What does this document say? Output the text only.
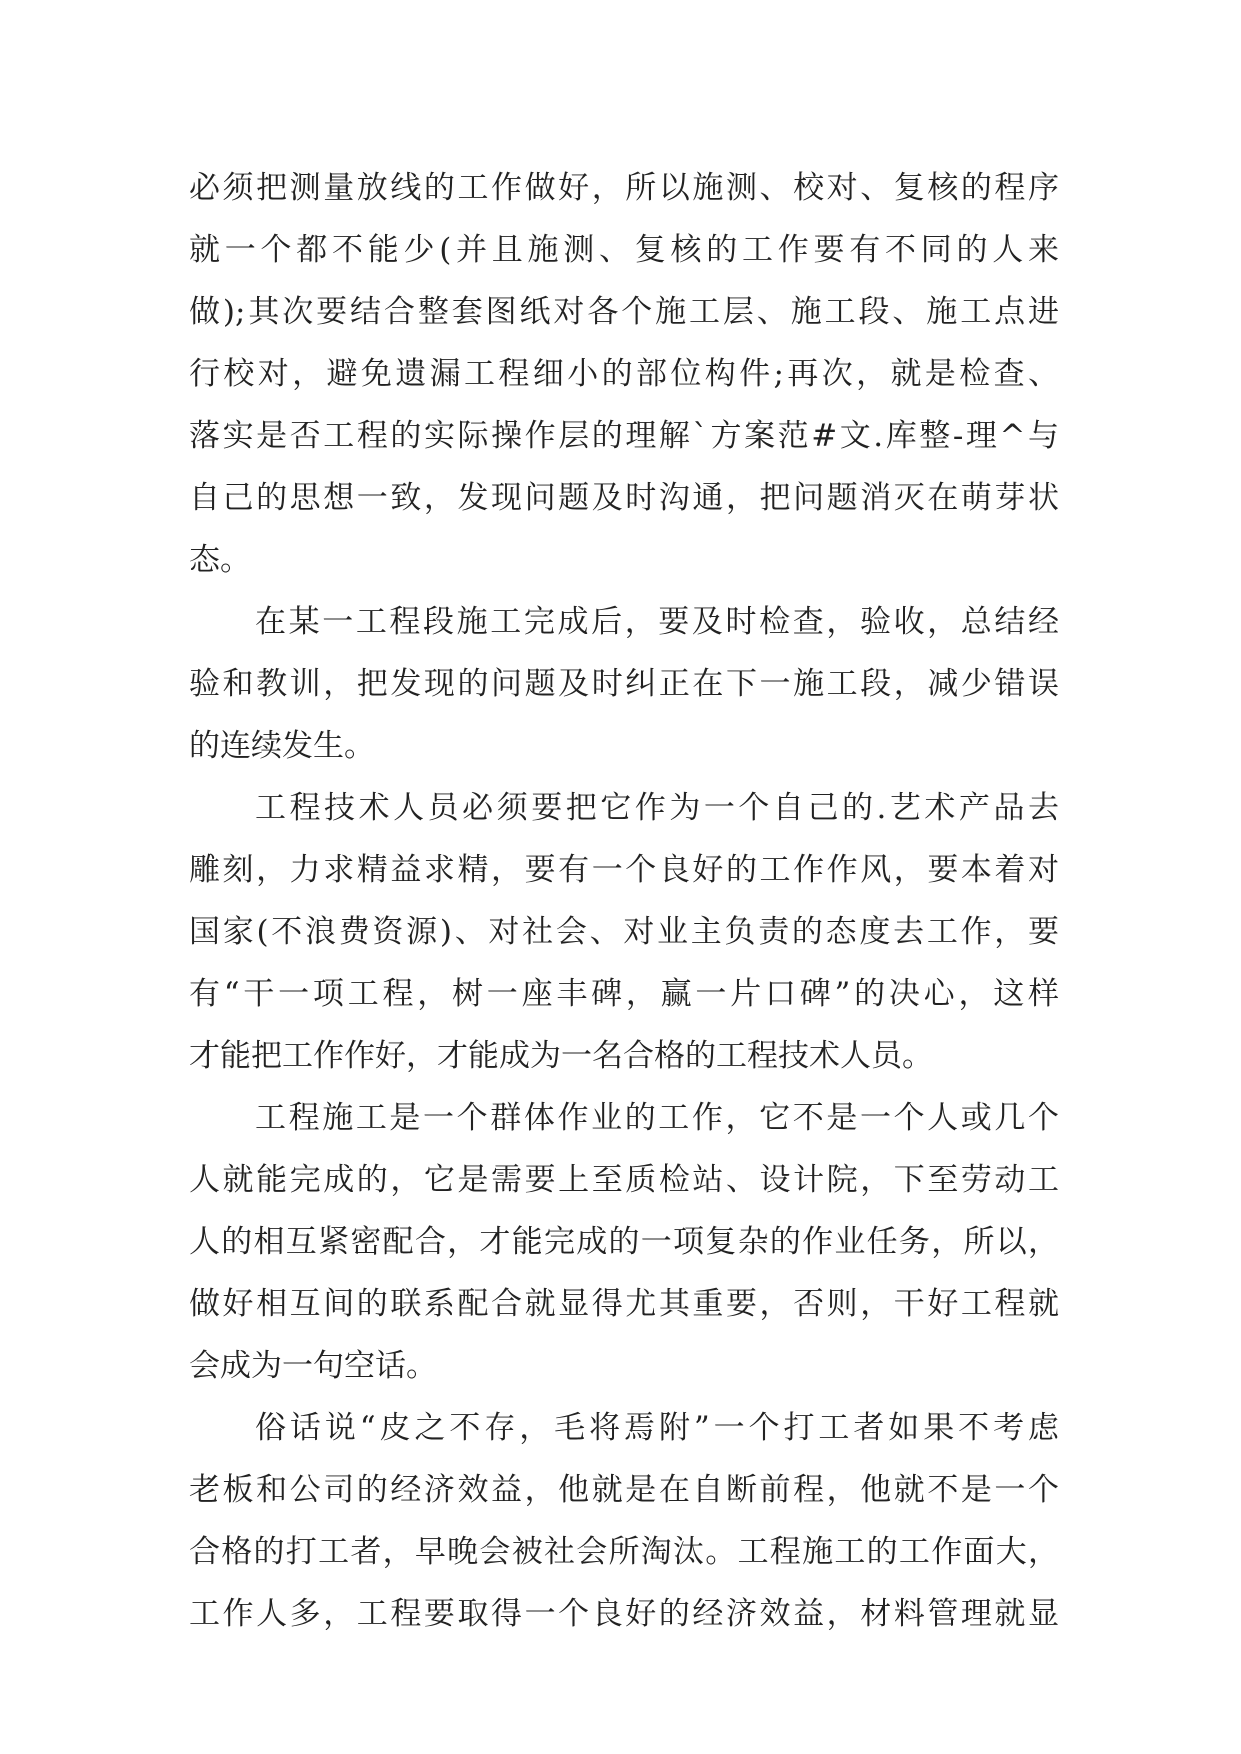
必须把测量放线的工作做好，所以施测、校对、复核的程序
就一个都不能少(并且施测、复核的工作要有不同的人来
做);其次要结合整套图纸对各个施工层、施工段、施工点进
行校对，避免遗漏工程细小的部位构件;再次，就是检查、
落实是否工程的实际操作层的理解`方案范#文.库整-理^与
自己的思想一致，发现问题及时沟通，把问题消灭在萌芽状
态。
在某一工程段施工完成后，要及时检查，验收，总结经
验和教训，把发现的问题及时纠正在下一施工段，减少错误
的连续发生。
工程技术人员必须要把它作为一个自己的.艺术产品去
雕刻，力求精益求精，要有一个良好的工作作风，要本着对
国家(不浪费资源)、对社会、对业主负责的态度去工作，要
有“干一项工程，树一座丰碑，赢一片口碑”的决心，这样
才能把工作作好，才能成为一名合格的工程技术人员。
工程施工是一个群体作业的工作，它不是一个人或几个
人就能完成的，它是需要上至质检站、设计院，下至劳动工
人的相互紧密配合，才能完成的一项复杂的作业任务，所以，
做好相互间的联系配合就显得尤其重要，否则，干好工程就
会成为一句空话。
俗话说“皮之不存，毛将焉附”一个打工者如果不考虑
老板和公司的经济效益，他就是在自断前程，他就不是一个
合格的打工者，早晚会被社会所淘汰。工程施工的工作面大，
工作人多，工程要取得一个良好的经济效益，材料管理就显
